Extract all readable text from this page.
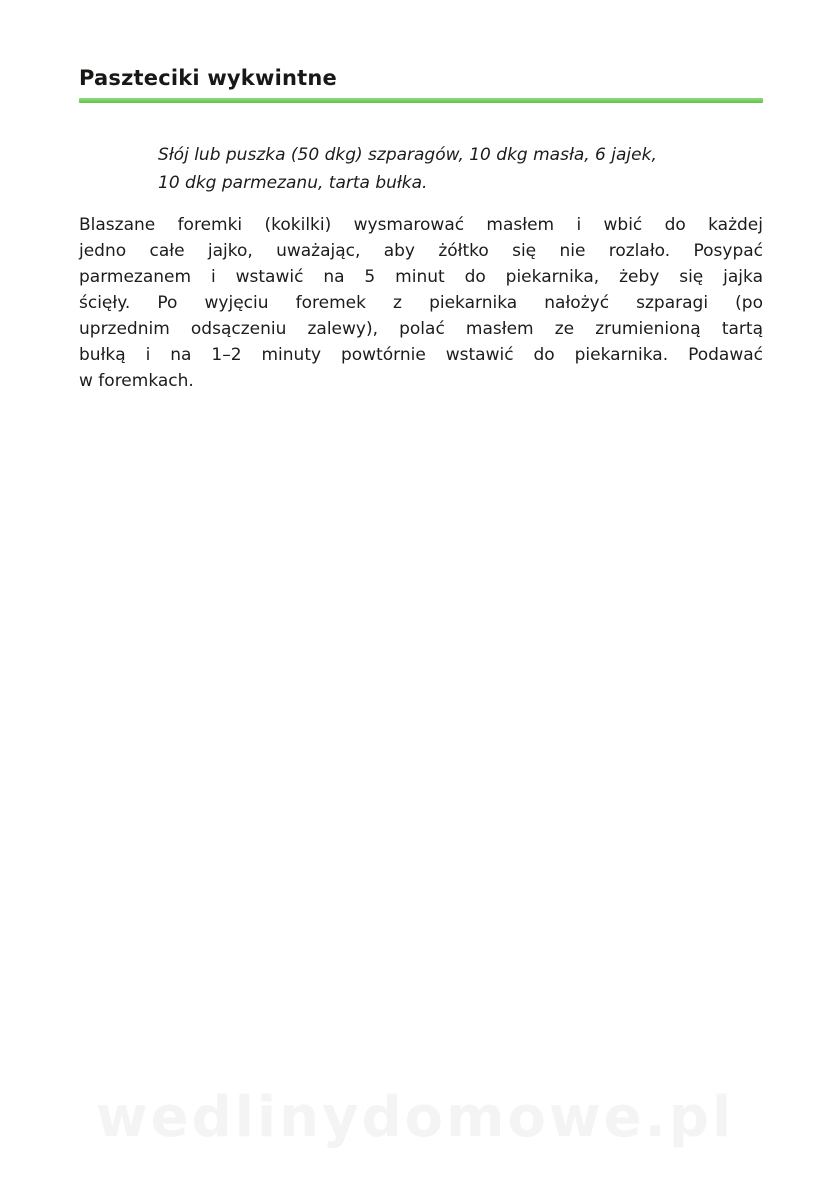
Paszteciki wykwintne

Słój lub puszka (50 dkg) szparagów, 10 dkg masła, 6 jajek,
10 dkg parmezanu, tarta bułka.

Blaszane foremki (kokilki) wysmarować masłem i wbić do każdej
jedno całe jajko, uważając, aby żółtko się nie rozlało. Posypać
parmezanem i wstawić na 5 minut do piekarnika, żeby się jajka
ścięły. Po wyjęciu foremek z piekarnika nałożyć szparagi (po
uprzednim odsączeniu zalewy), polać masłem ze zrumienioną tartą
bułką i na 1–2 minuty powtórnie wstawić do piekarnika. Podawać
w foremkach.
wedlinydomowe.pl
